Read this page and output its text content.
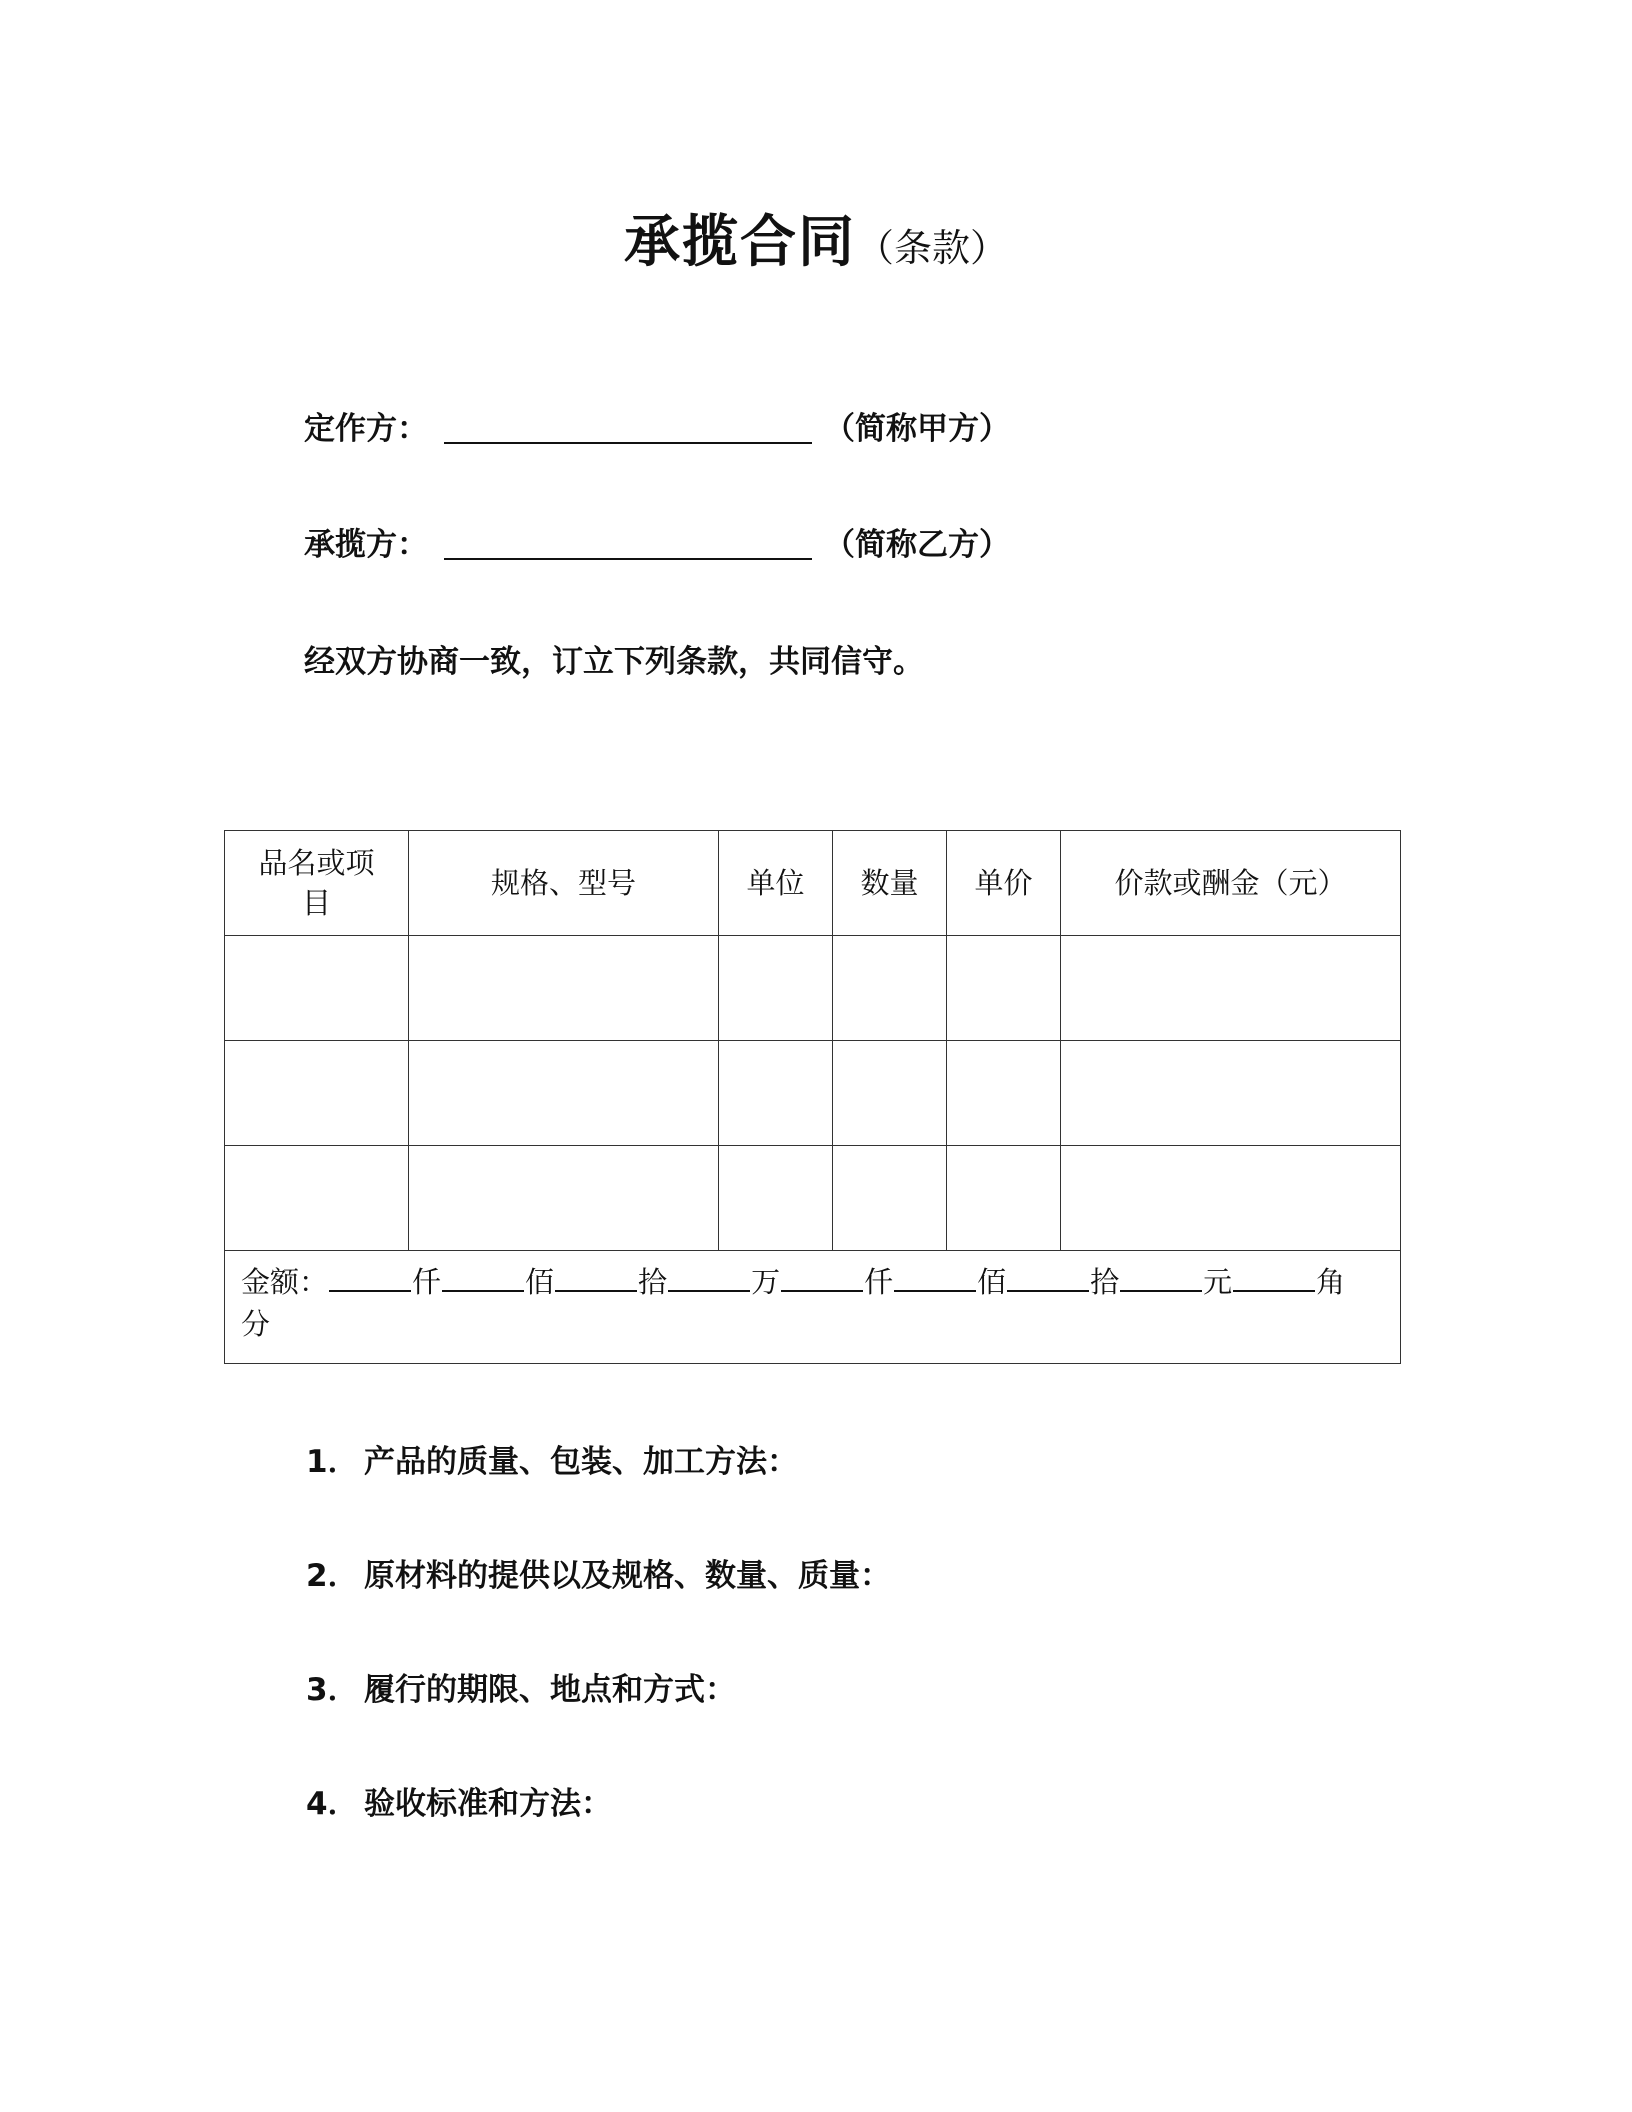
承揽合同（条款）
定作方：	（简称甲方）
承揽方：	（简称乙方）
经双方协商一致，订立下列条款，共同信守。
品名或项目	规格、型号	单位	数量	单价	价款或酬金（元）

金额： 仟 佰 拾 万 仟 佰 拾 元 角
分					
1． 产品的质量、包装、加工方法：
2． 原材料的提供以及规格、数量、质量：
3． 履行的期限、地点和方式：
4． 验收标准和方法：
